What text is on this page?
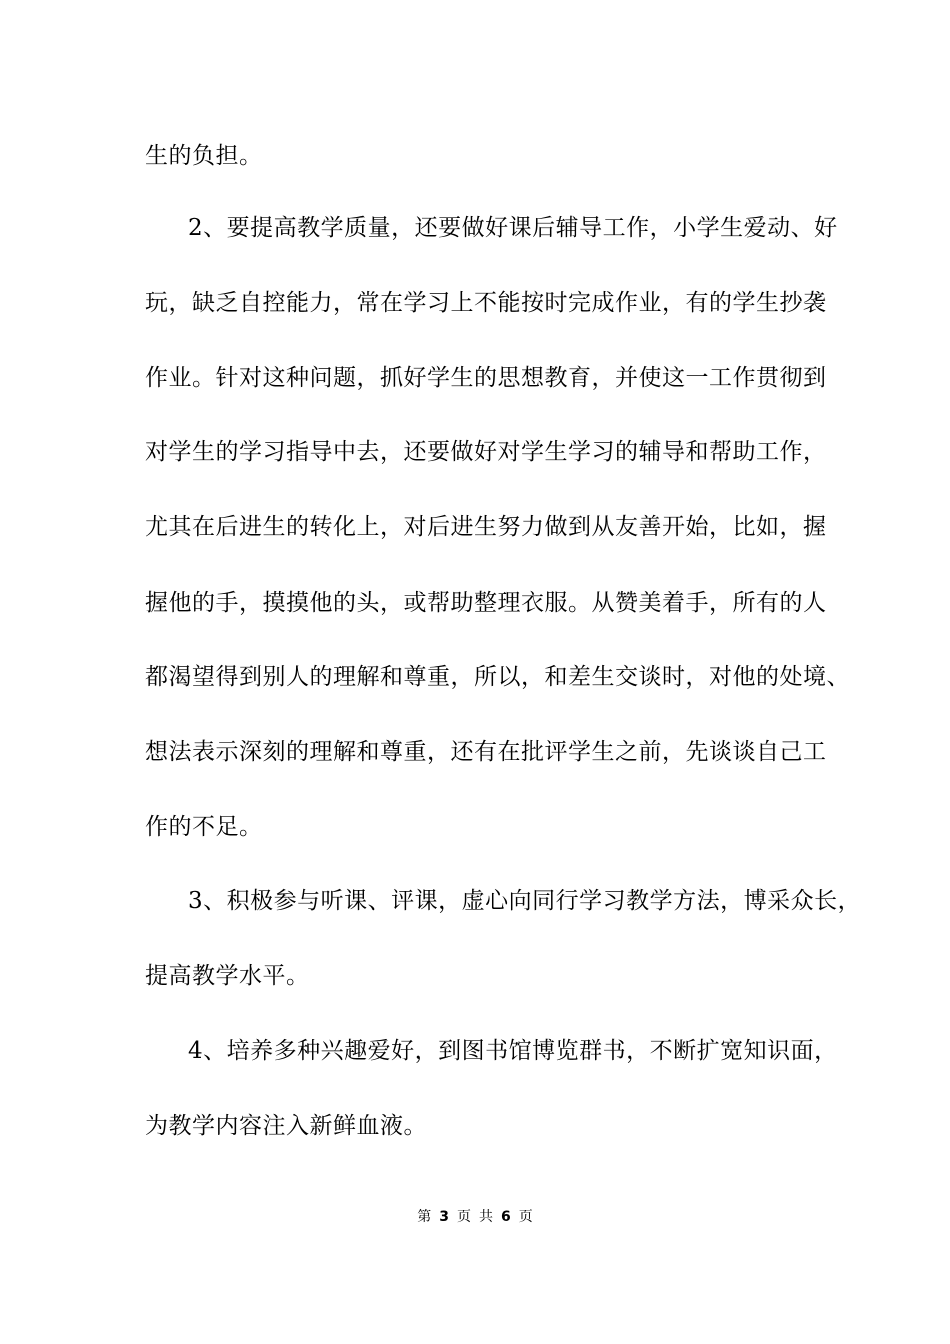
生的负担。
2、要提高教学质量，还要做好课后辅导工作，小学生爱动、好
玩，缺乏自控能力，常在学习上不能按时完成作业，有的学生抄袭
作业。针对这种问题，抓好学生的思想教育，并使这一工作贯彻到
对学生的学习指导中去，还要做好对学生学习的辅导和帮助工作，
尤其在后进生的转化上，对后进生努力做到从友善开始，比如，握
握他的手，摸摸他的头，或帮助整理衣服。从赞美着手，所有的人
都渴望得到别人的理解和尊重，所以，和差生交谈时，对他的处境、
想法表示深刻的理解和尊重，还有在批评学生之前，先谈谈自己工
作的不足。
3、积极参与听课、评课，虚心向同行学习教学方法，博采众长，
提高教学水平。
4、培养多种兴趣爱好，到图书馆博览群书，不断扩宽知识面，
为教学内容注入新鲜血液。
第 3 页 共 6 页
